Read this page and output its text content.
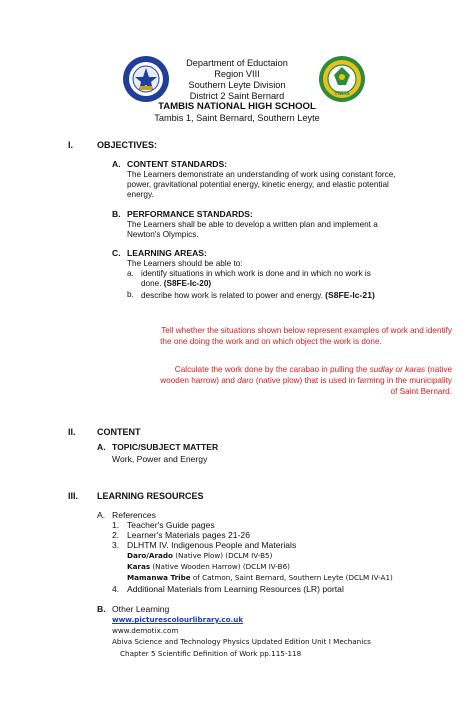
TNHS
Department of Eductaion
Region VIII
Southern Leyte Division
District 2 Saint Bernard
TAMBIS NATIONAL HIGH SCHOOL
Tambis 1, Saint Bernard, Southern Leyte
I.	OBJECTIVES:
A. CONTENT STANDARDS:
The Learners demonstrate an understanding of work using constant force,
power, gravitational potential energy, kinetic energy, and elastic potential
energy.
B. PERFORMANCE STANDARDS:
The Learners shall be able to develop a written plan and implement a
Newton's Olympics.
C. LEARNING AREAS:
The Learners should be able to:
a. identify situations in which work is done and in which no work is
done. (S8FE-Ic-20)
b. describe how work is related to power and energy. (S8FE-Ic-21)
Tell whether the situations shown below represent examples of work and identify
the one doing the work and on which object the work is done.
Calculate the work done by the carabao in pulling the sudlay or karas (native
wooden harrow) and daro (native plow) that is used in farming in the municipality
of Saint Bernard.
II. CONTENT
A. TOPIC/SUBJECT MATTER
Work, Power and Energy
III. LEARNING RESOURCES
A. References
1. Teacher's Guide pages
2. Learner's Materials pages 21-26
3. DLHTM IV. Indigenous People and Materials
Daro/Arado (Native Plow) (DCLM IV-B5)
Karas (Native Wooden Harrow) (DCLM IV-B6)
Mamanwa Tribe of Catmon, Saint Bernard, Southern Leyte (DCLM IV-A1)
4. Additional Materials from Learning Resources (LR) portal
B. Other Learning
www.picturescolourlibrary.co.uk
www.demotix.com
Abiva Science and Technology Physics Updated Edition Unit I Mechanics
Chapter 5 Scientific Definition of Work pp.115-118
